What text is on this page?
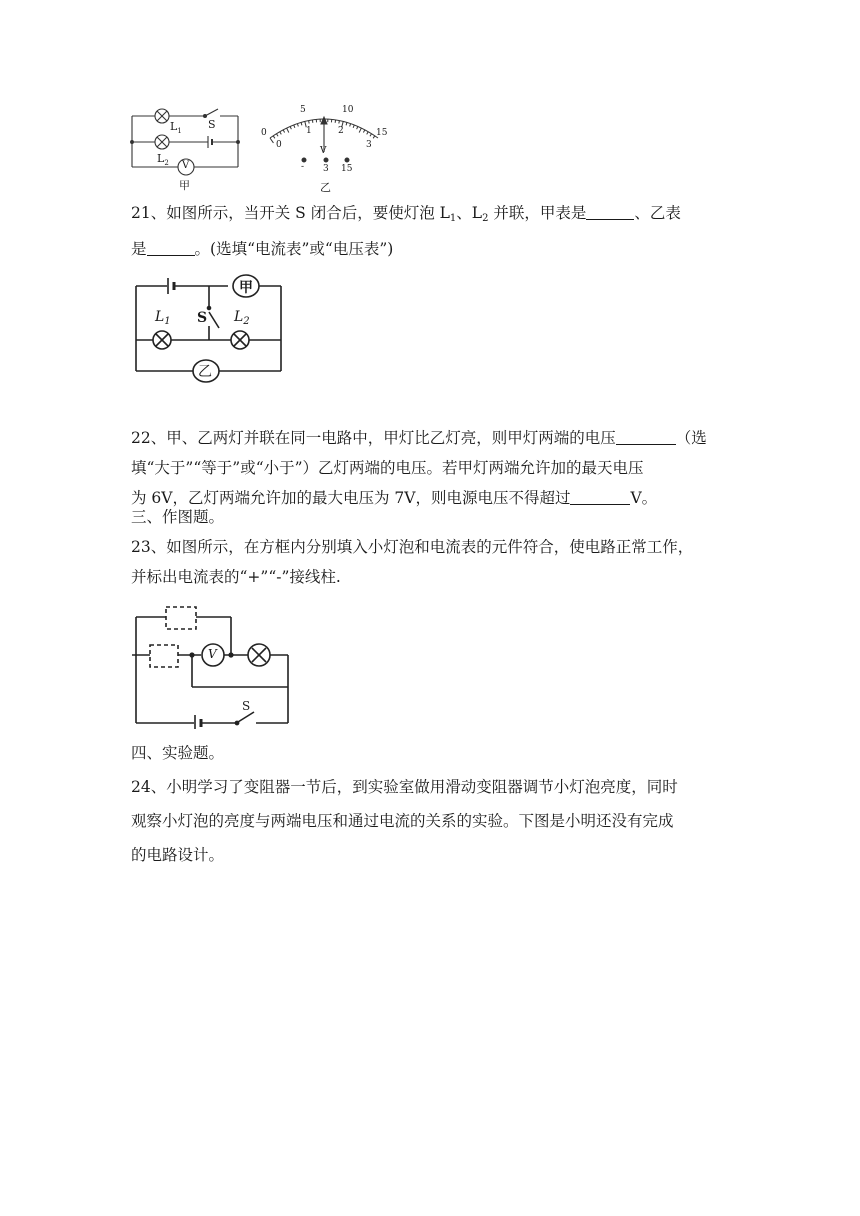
$L_1$ S
$L_2$ V
甲
0
5	10
15
0
1	2
3
V
- 3 15
乙
21、如图所示，当开关 S 闭合后，要使灯泡 $L_1$、$L_2$ 并联，甲表是	、乙表
是	。(选填“电流表”或“电压表”)
甲
S
$L_1$	$L_2$
乙
22、甲、乙两灯并联在同一电路中，甲灯比乙灯亮，则甲灯两端的电压	（选
填“大于”“等于”或“小于”）乙灯两端的电压。若甲灯两端允许加的最天电压
为 6V，乙灯两端允许加的最大电压为 7V，则电源电压不得超过	V。
三、作图题。
23、如图所示，在方框内分别填入小灯泡和电流表的元件符合，使电路正常工作，
并标出电流表的“+”“-”接线柱.
V
S
四、实验题。
24、小明学习了变阻器一节后，到实验室做用滑动变阻器调节小灯泡亮度，同时
观察小灯泡的亮度与两端电压和通过电流的关系的实验。下图是小明还没有完成
的电路设计。
